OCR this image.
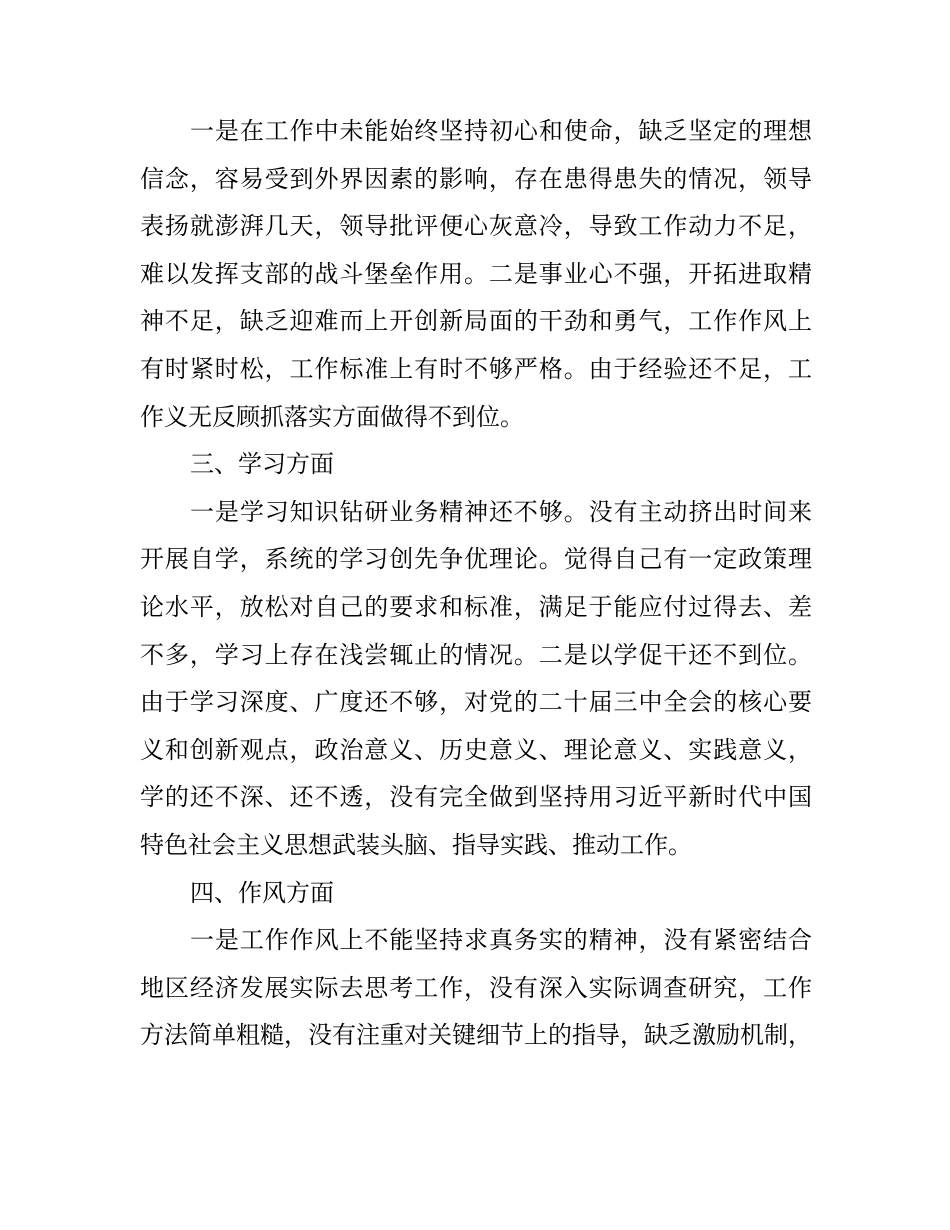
一是在工作中未能始终坚持初心和使命，缺乏坚定的理想
信念，容易受到外界因素的影响，存在患得患失的情况，领导
表扬就澎湃几天，领导批评便心灰意冷，导致工作动力不足，
难以发挥支部的战斗堡垒作用。二是事业心不强，开拓进取精
神不足，缺乏迎难而上开创新局面的干劲和勇气，工作作风上
有时紧时松，工作标准上有时不够严格。由于经验还不足，工
作义无反顾抓落实方面做得不到位。
三、学习方面
一是学习知识钻研业务精神还不够。没有主动挤出时间来
开展自学，系统的学习创先争优理论。觉得自己有一定政策理
论水平，放松对自己的要求和标准，满足于能应付过得去、差
不多，学习上存在浅尝辄止的情况。二是以学促干还不到位。
由于学习深度、广度还不够，对党的二十届三中全会的核心要
义和创新观点，政治意义、历史意义、理论意义、实践意义，
学的还不深、还不透，没有完全做到坚持用习近平新时代中国
特色社会主义思想武装头脑、指导实践、推动工作。
四、作风方面
一是工作作风上不能坚持求真务实的精神，没有紧密结合
地区经济发展实际去思考工作，没有深入实际调查研究，工作
方法简单粗糙，没有注重对关键细节上的指导，缺乏激励机制，
